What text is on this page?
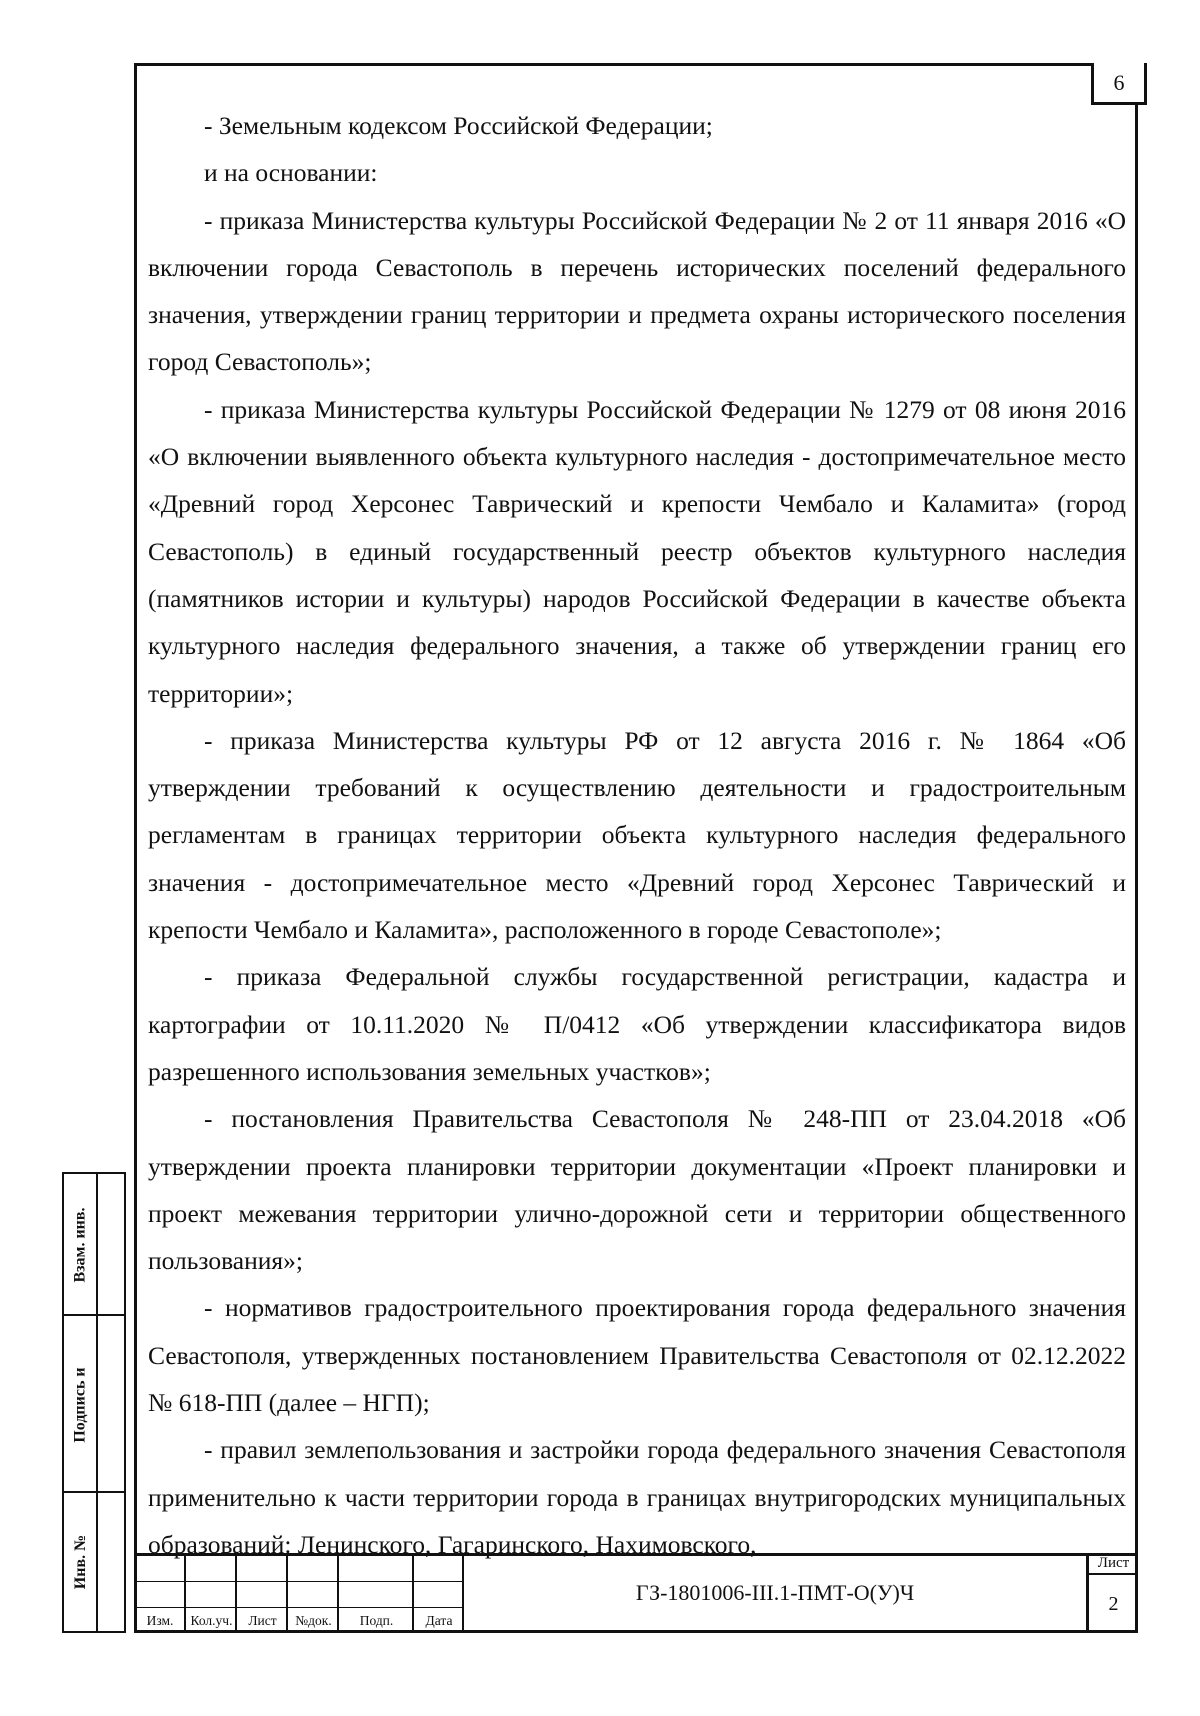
6

- Земельным кодексом Российской Федерации;

и на основании:

- приказа Министерства культуры Российской Федерации № 2 от 11 января 2016 «О включении города Севастополь в перечень исторических поселений федерального значения, утверждении границ территории и предмета охраны исторического поселения город Севастополь»;

- приказа Министерства культуры Российской Федерации № 1279 от 08 июня 2016 «О включении выявленного объекта культурного наследия - достопримечательное место «Древний город Херсонес Таврический и крепости Чембало и Каламита» (город Севастополь) в единый государственный реестр объектов культурного наследия (памятников истории и культуры) народов Российской Федерации в качестве объекта культурного наследия федерального значения, а также об утверждении границ его территории»;

- приказа Министерства культуры РФ от 12 августа 2016 г. № 1864 «Об утверждении требований к осуществлению деятельности и градостроительным регламентам в границах территории объекта культурного наследия федерального значения - достопримечательное место «Древний город Херсонес Таврический и крепости Чембало и Каламита», расположенного в городе Севастополе»;

- приказа Федеральной службы государственной регистрации, кадастра и картографии от 10.11.2020 № П/0412 «Об утверждении классификатора видов разрешенного использования земельных участков»;

- постановления Правительства Севастополя № 248-ПП от 23.04.2018 «Об утверждении проекта планировки территории документации «Проект планировки и проект межевания территории улично-дорожной сети и территории общественного пользования»;

- нормативов градостроительного проектирования города федерального значения Севастополя, утвержденных постановлением Правительства Севастополя от 02.12.2022 № 618-ПП (далее – НГП);

- правил землепользования и застройки города федерального значения Севастополя применительно к части территории города в границах внутригородских муниципальных образований: Ленинского, Гагаринского, Нахимовского,

Взам. инв.
Подпись и
Инв. №
Изм.	Кол.уч.	Лист	№док.	Подп.	Дата
ГЗ-1801006-III.1-ПМТ-О(У)Ч
Лист
2
